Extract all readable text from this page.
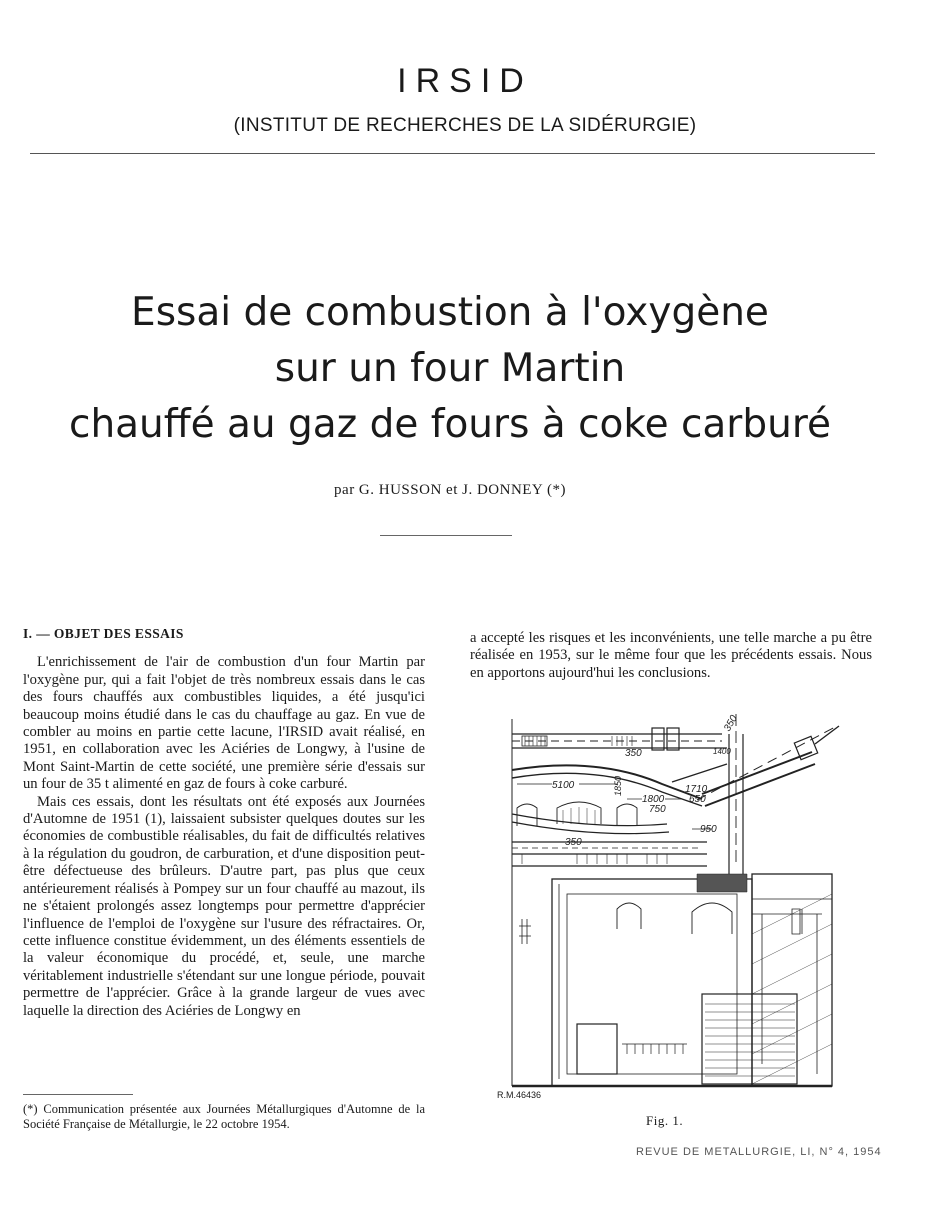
IRSID
(INSTITUT DE RECHERCHES DE LA SIDÉRURGIE)
Essai de combustion à l'oxygène
sur un four Martin
chauffé au gaz de fours à coke carburé
par G. HUSSON et J. DONNEY (*)
I. — OBJET DES ESSAIS

L'enrichissement de l'air de combustion d'un four Martin par l'oxygène pur, qui a fait l'objet de très nombreux essais dans le cas des fours chauffés aux combustibles liquides, a été jusqu'ici beaucoup moins étudié dans le cas du chauffage au gaz. En vue de combler au moins en partie cette lacune, l'IRSID avait réalisé, en 1951, en collaboration avec les Aciéries de Longwy, à l'usine de Mont Saint-Martin de cette société, une première série d'essais sur un four de 35 t alimenté en gaz de fours à coke carburé.

Mais ces essais, dont les résultats ont été exposés aux Journées d'Automne de 1951 (1), laissaient subsister quelques doutes sur les économies de combustible réalisables, du fait de difficultés relatives à la régulation du goudron, de carburation, et d'une disposition peut-être défectueuse des brûleurs. D'autre part, pas plus que ceux antérieurement réalisés à Pompey sur un four chauffé au mazout, ils ne s'étaient prolongés assez longtemps pour permettre d'apprécier l'influence de l'emploi de l'oxygène sur l'usure des réfractaires. Or, cette influence constitue évidemment, un des éléments essentiels de la valeur économique du procédé, et, seule, une marche véritablement industrielle s'étendant sur une longue période, pouvait permettre de l'apprécier. Grâce à la grande largeur de vues avec laquelle la direction des Aciéries de Longwy en

a accepté les risques et les inconvénients, une telle marche a pu être réalisée en 1953, sur le même four que les précédents essais. Nous en apportons aujourd'hui les conclusions.

(*) Communication présentée aux Journées Métallurgiques d'Automne de la Société Française de Métallurgie, le 22 octobre 1954.
350
350
1400
5100	1850
1800
1710
650
750
950
350
R.M.46436
Fig. 1.
REVUE DE METALLURGIE, LI, N° 4, 1954
